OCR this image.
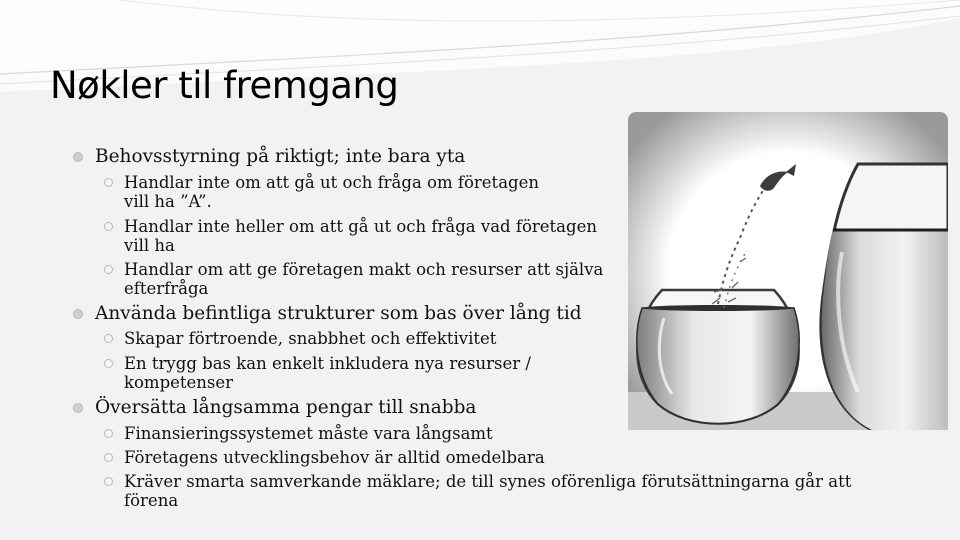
Nøkler til fremgang
Behovsstyrning på riktigt; inte bara yta
Handlar inte om att gå ut och fråga om företagen
vill ha ”A”.
Handlar inte heller om att gå ut och fråga vad företagen
vill ha
Handlar om att ge företagen makt och resurser att själva
efterfråga
Använda befintliga strukturer som bas över lång tid
Skapar förtroende, snabbhet och effektivitet
En trygg bas kan enkelt inkludera nya resurser /
kompetenser
Översätta långsamma pengar till snabba
Finansieringssystemet måste vara långsamt
Företagens utvecklingsbehov är alltid omedelbara
Kräver smarta samverkande mäklare; de till synes oförenliga förutsättningarna går att
förena
